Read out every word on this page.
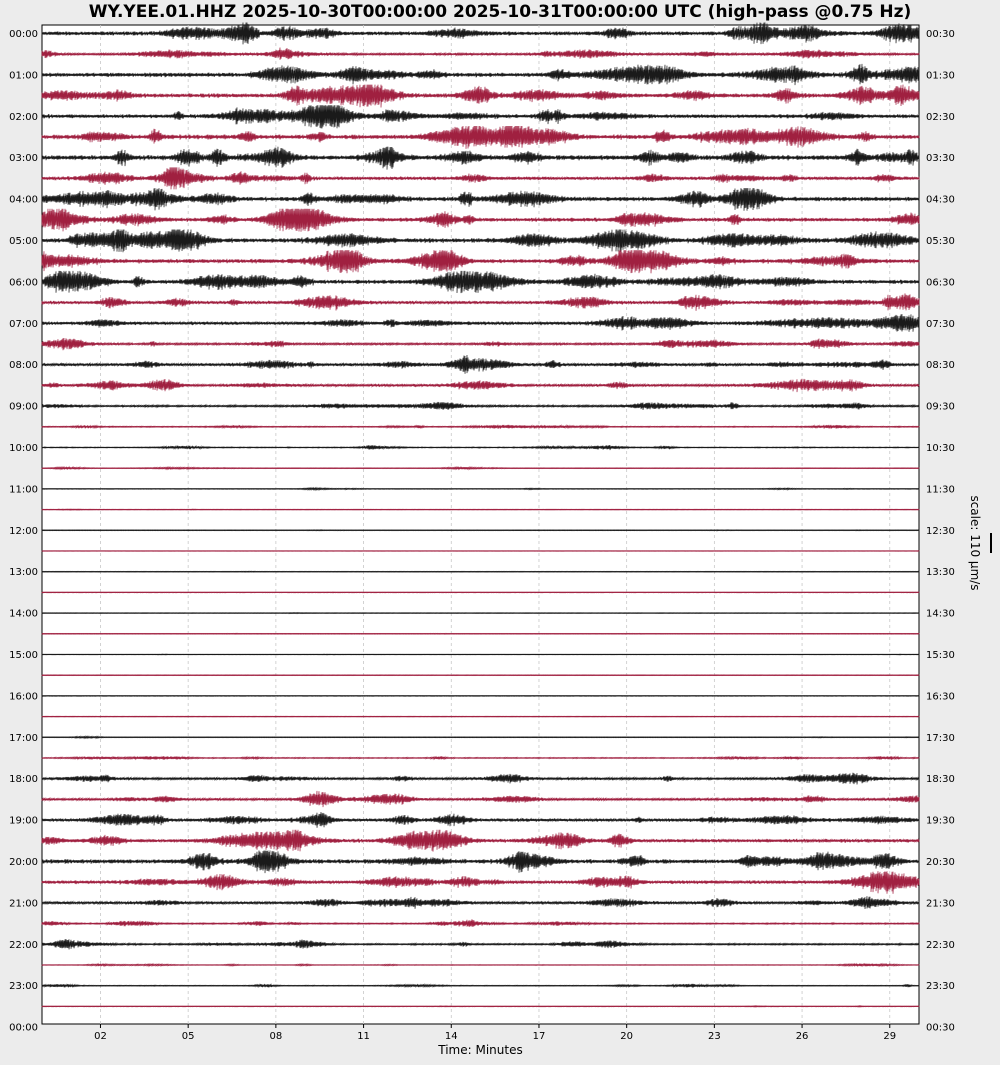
WY.YEE.01.HHZ 2025-10-30T00:00:00 2025-10-31T00:00:00 UTC (high-pass @0.75 Hz)
00:00
01:00
02:00
03:00
04:00
05:00
06:00
07:00
08:00
09:00
10:00
11:00
12:00
13:00
14:00
15:00
16:00
17:00
18:00
19:00
20:00
21:00
22:00
23:00
00:00
00:30
01:30
02:30
03:30
04:30
05:30
06:30
07:30
08:30
09:30
10:30
11:30
12:30
13:30
14:30
15:30
16:30
17:30
18:30
19:30
20:30
21:30
22:30
23:30
00:30
02	05	08	11	14	17	20	23	26	29
scale: 110 μm/s
Time: Minutes
